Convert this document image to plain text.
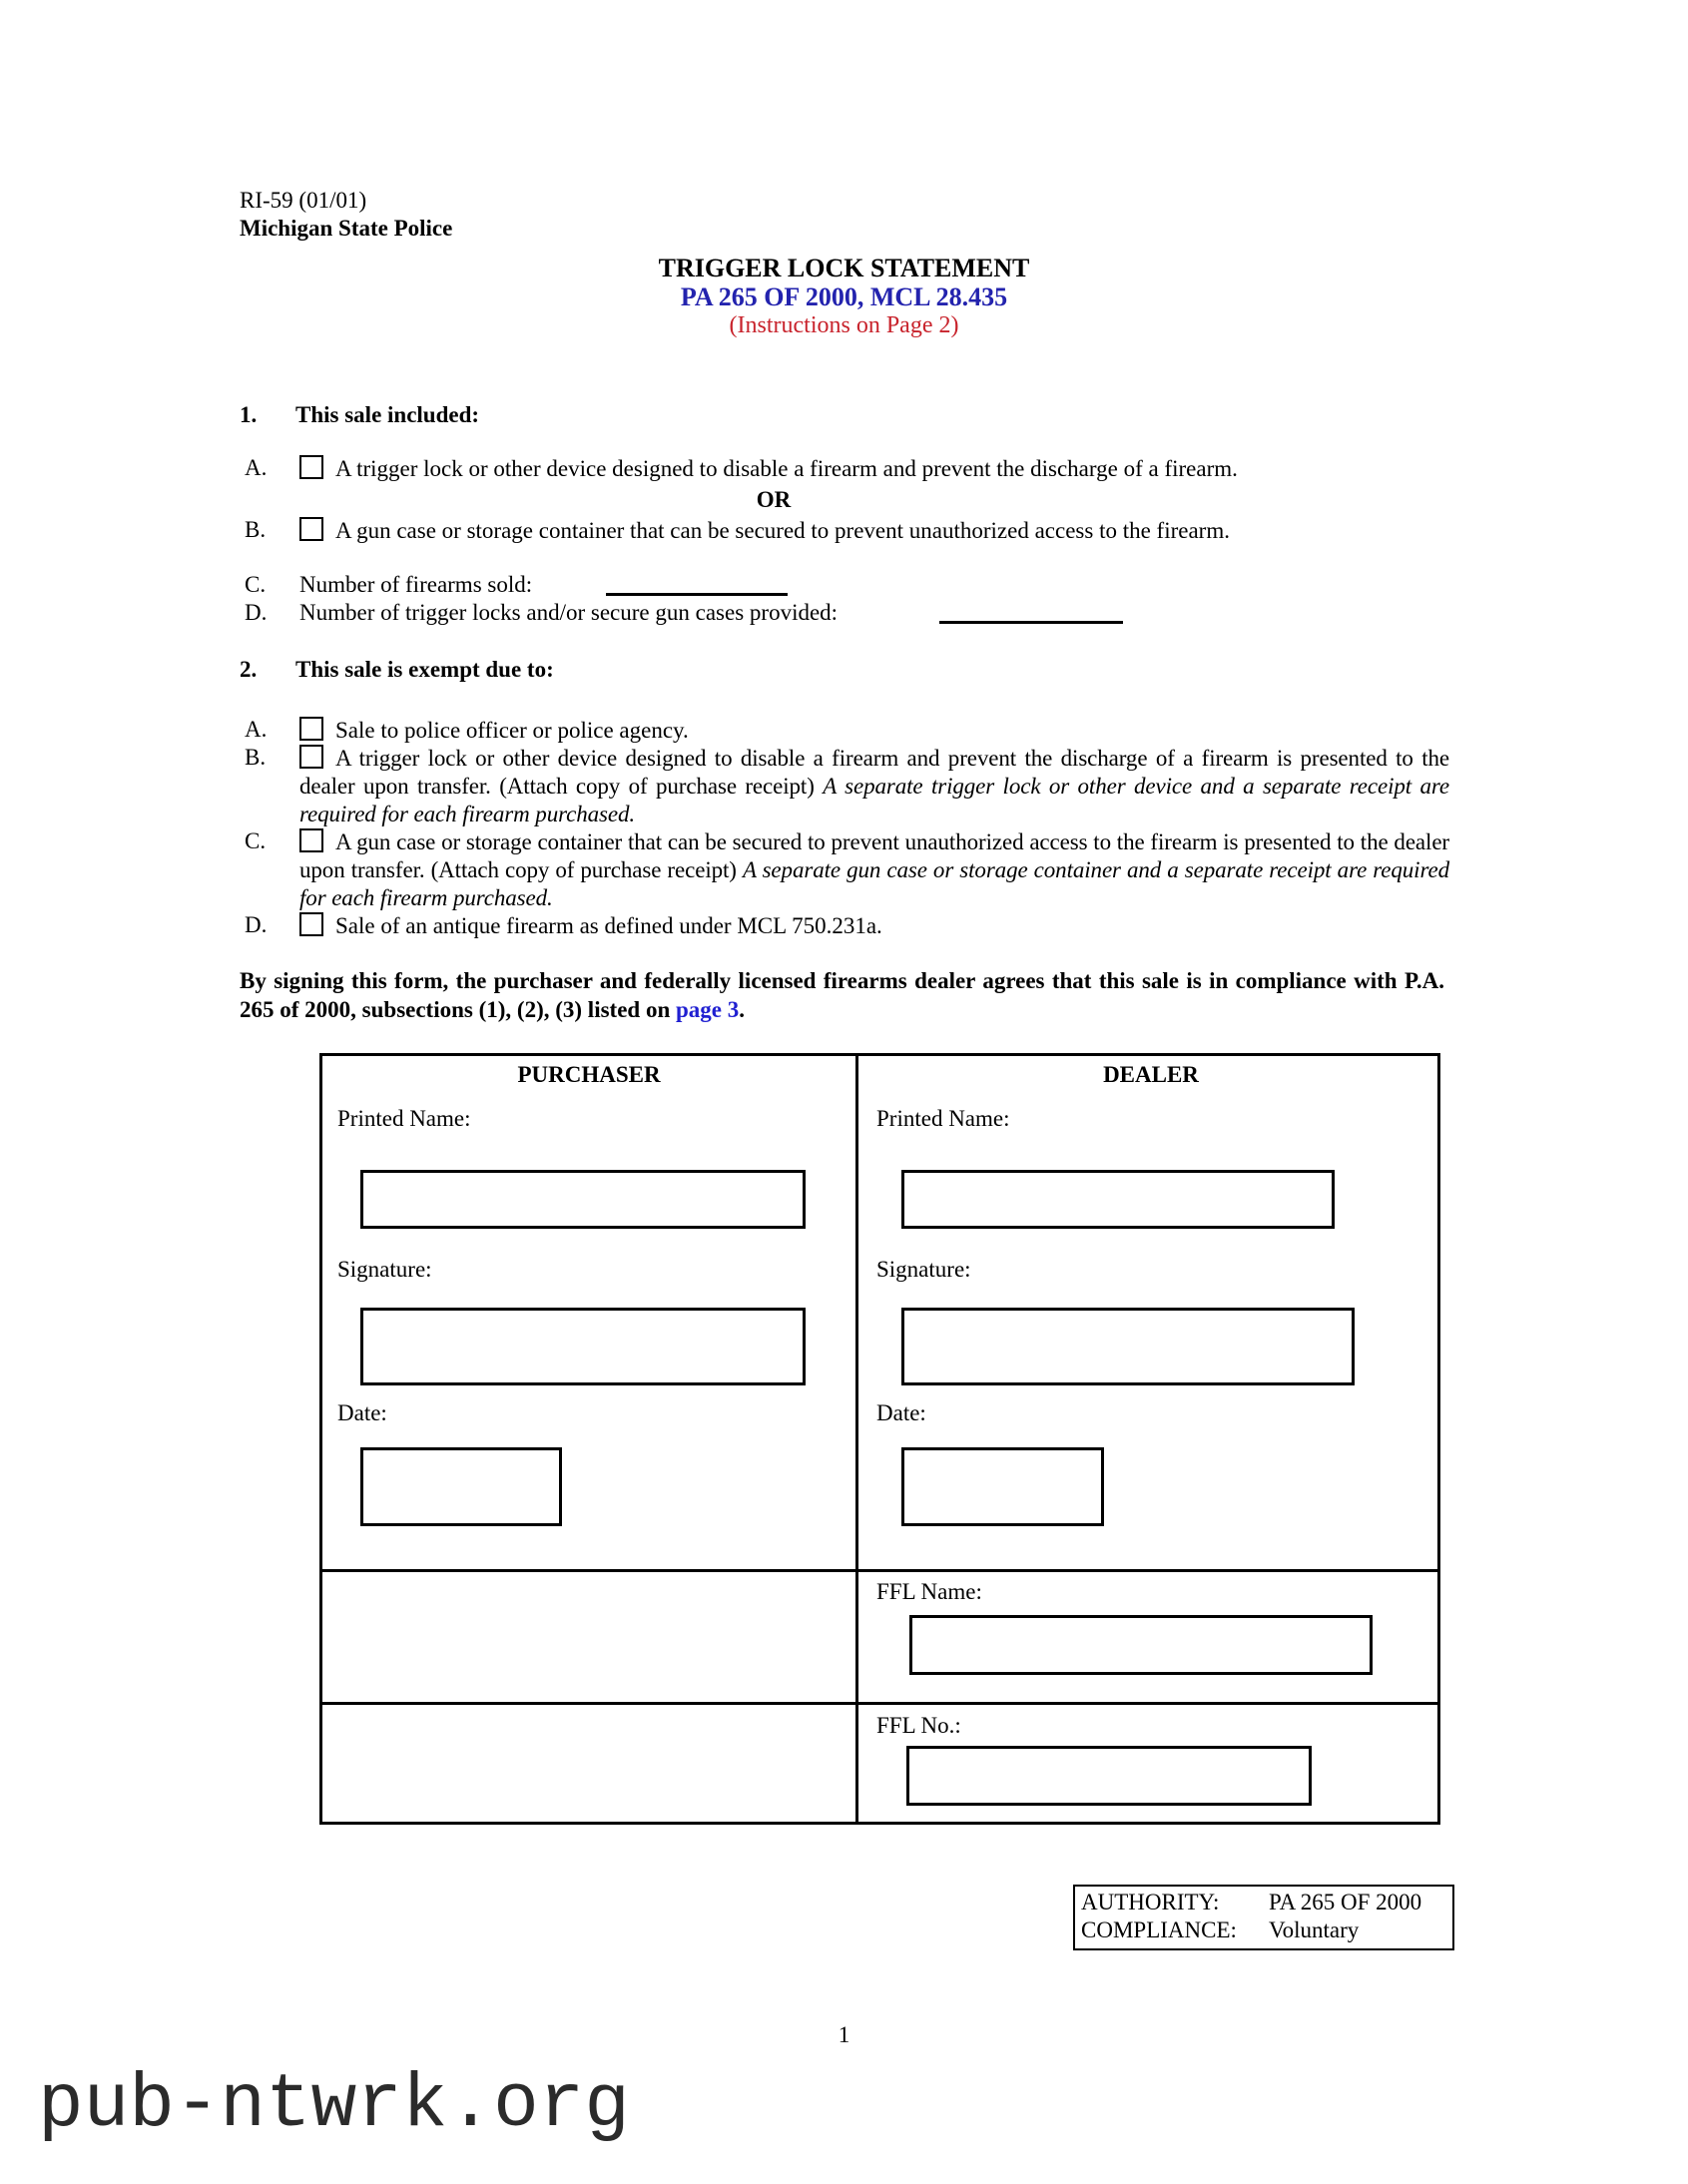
RI-59 (01/01)
Michigan State Police
TRIGGER LOCK STATEMENT
PA 265 OF 2000, MCL 28.435
(Instructions on Page 2)
1. This sale included:
A.	A trigger lock or other device designed to disable a firearm and prevent the discharge of a firearm.
OR
B.	A gun case or storage container that can be secured to prevent unauthorized access to the firearm.
C. Number of firearms sold:
D. Number of trigger locks and/or secure gun cases provided:
2. This sale is exempt due to:
A.	Sale to police officer or police agency.
B.	A trigger lock or other device designed to disable a firearm and prevent the discharge of a firearm is presented to the dealer upon transfer. (Attach copy of purchase receipt) A separate trigger lock or other device and a separate receipt are required for each firearm purchased.
C.	A gun case or storage container that can be secured to prevent unauthorized access to the firearm is presented to the dealer upon transfer. (Attach copy of purchase receipt) A separate gun case or storage container and a separate receipt are required for each firearm purchased.
D.	Sale of an antique firearm as defined under MCL 750.231a.
By signing this form, the purchaser and federally licensed firearms dealer agrees that this sale is in compliance with P.A. 265 of 2000, subsections (1), (2), (3) listed on page 3.
PURCHASER
Printed Name:
Signature:
Date:
DEALER
Printed Name:
Signature:
Date:
FFL Name:
FFL No.:
AUTHORITY: PA 265 OF 2000
COMPLIANCE: Voluntary
1
pub-ntwrk.org
